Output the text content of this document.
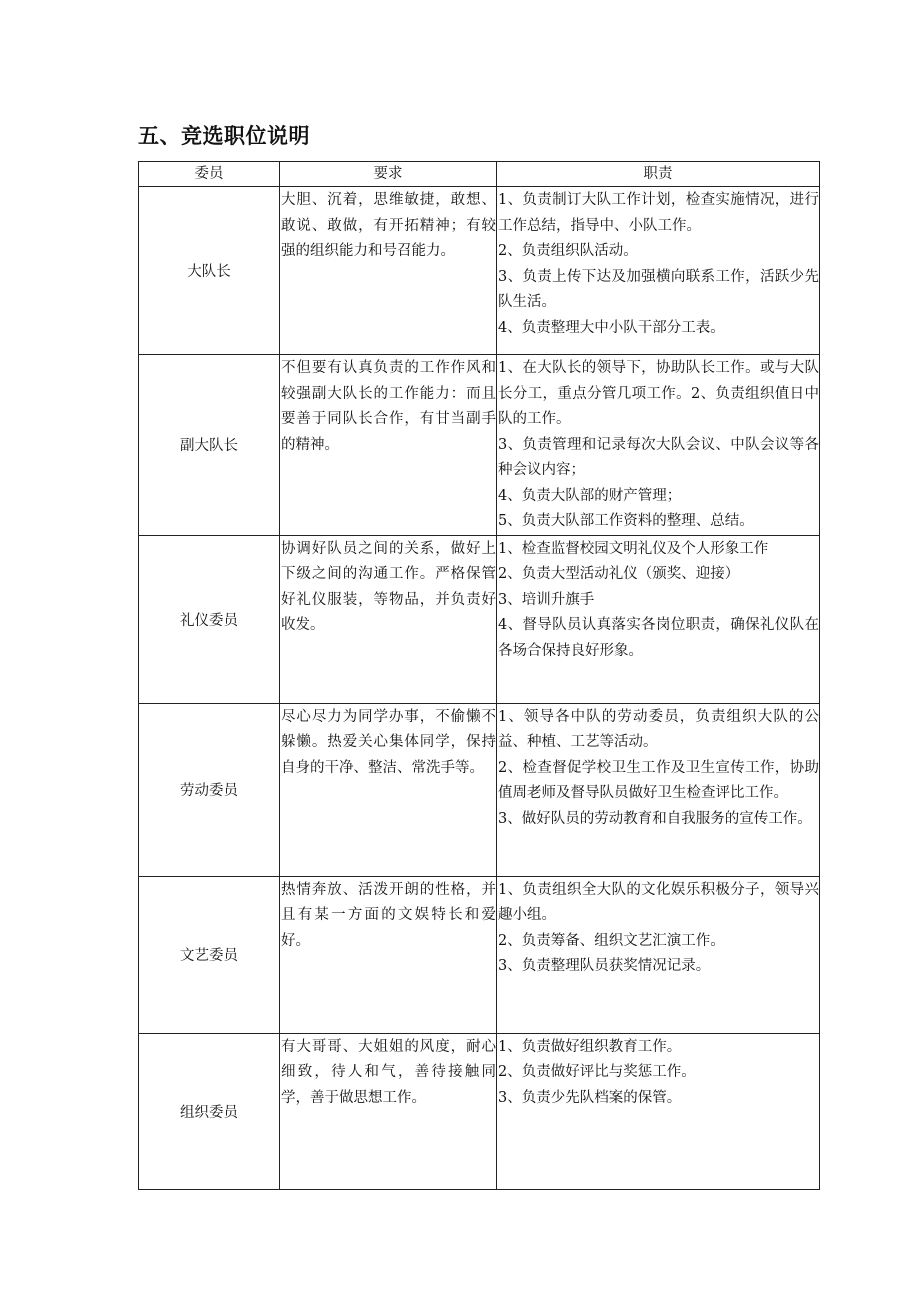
五、竞选职位说明
委员	要求	职责
大队长	大胆、沉着，思维敏捷，敢想、敢说、敢做，有开拓精神；有较强的组织能力和号召能力。	1、负责制订大队工作计划，检查实施情况，进行工作总结，指导中、小队工作。
2、负责组织队活动。
3、负责上传下达及加强横向联系工作，活跃少先队生活。
4、负责整理大中小队干部分工表。

副大队长	不但要有认真负责的工作作风和较强副大队长的工作能力：而且要善于同队长合作，有甘当副手的精神。	1、在大队长的领导下，协助队长工作。或与大队长分工，重点分管几项工作。2、负责组织值日中队的工作。
3、负责管理和记录每次大队会议、中队会议等各种会议内容；
4、负责大队部的财产管理；
5、负责大队部工作资料的整理、总结。

礼仪委员	协调好队员之间的关系，做好上下级之间的沟通工作。严格保管好礼仪服装，等物品，并负责好收发。	1、检查监督校园文明礼仪及个人形象工作
2、负责大型活动礼仪（颁奖、迎接）
3、培训升旗手
4、督导队员认真落实各岗位职责，确保礼仪队在各场合保持良好形象。

劳动委员	尽心尽力为同学办事，不偷懒不躲懒。热爱关心集体同学，保持自身的干净、整洁、常洗手等。	1、领导各中队的劳动委员，负责组织大队的公益、种植、工艺等活动。
2、检查督促学校卫生工作及卫生宣传工作，协助值周老师及督导队员做好卫生检查评比工作。
3、做好队员的劳动教育和自我服务的宣传工作。

文艺委员	热情奔放、活泼开朗的性格，并且有某一方面的文娱特长和爱好。	1、负责组织全大队的文化娱乐积极分子，领导兴趣小组。
2、负责筹备、组织文艺汇演工作。
3、负责整理队员获奖情况记录。

组织委员	有大哥哥、大姐姐的风度，耐心细致，待人和气，善待接触同学，善于做思想工作。	1、负责做好组织教育工作。
2、负责做好评比与奖惩工作。
3、负责少先队档案的保管。
